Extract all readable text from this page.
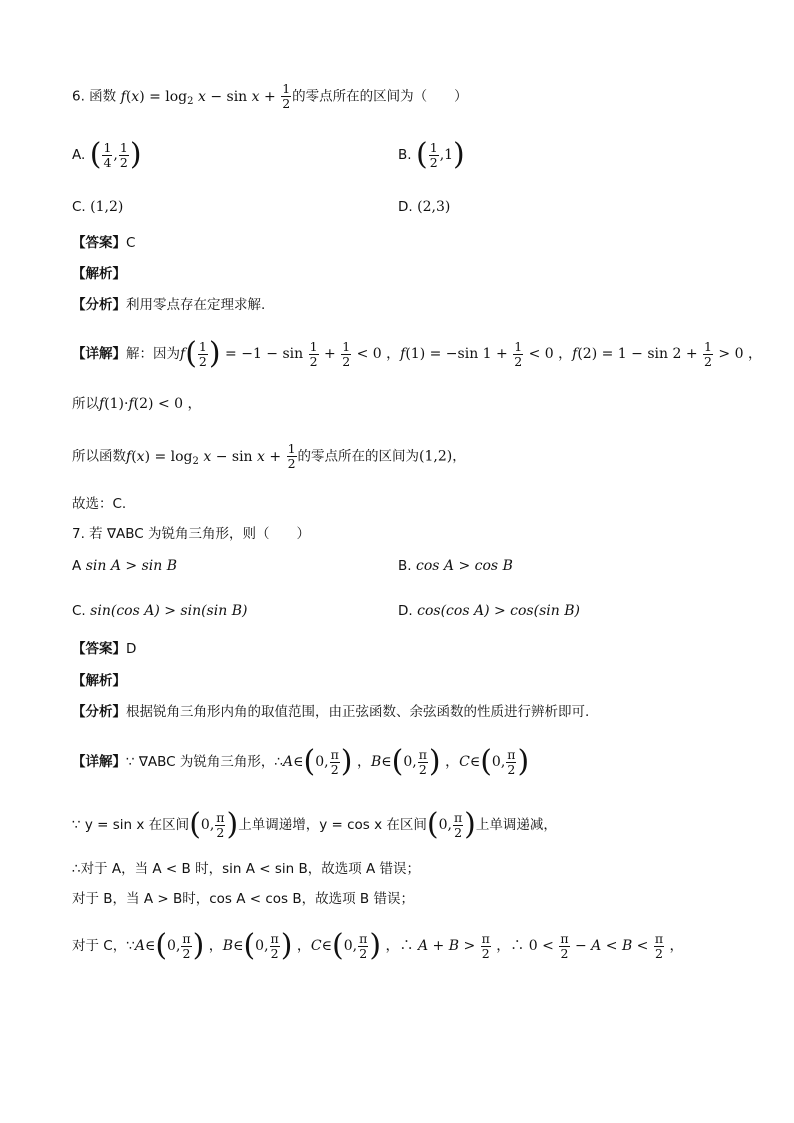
6. 函数 $f(x) = \log_2 x - \sin x + \frac{1}{2}$ 的零点所在的区间为（　　）
A. ( $\frac{1}{4}$ , $\frac{1}{2}$ )	B. ( $\frac{1}{2} ,1$)
C. (1,2)	D. (2,3)
【答案】C
【解析】
【分析】利用零点存在定理求解.
【详解】解：因为$f( \frac{1}{2}$ ) = $-1 - \sin \frac{1}{2} + \frac{1}{2} < 0$ ，f(1) = −sin $1 + \frac{1}{2} < 0$ ，$f(2) = 1 - \sin 2 + \frac{1}{2} > 0$ ，
所以f(1)·f(2) < 0 ，
所以函数$f(x) = \log_2 x - \sin x + \frac{1}{2}$ 的零点所在的区间为(1,2)，
故选：C.
7. 若 ∇ABC 为锐角三角形，则（　　）
A sin A > sin B	B. cos A > cos B
C. sin(cos A) > sin(sin B)	D. cos(cos A) > cos(sin B)
【答案】D
【解析】
【分析】根据锐角三角形内角的取值范围，由正弦函数、余弦函数的性质进行辨析即可.
【详解】∵ ∇ABC 为锐角三角形，∴A∈(0, $\frac{\pi}{2}$ ) ，B∈(0, $\frac{\pi}{2}$ ) ，C∈(0, $\frac{\pi}{2}$ )
∵ y = sin x 在区间(0, $\frac{\pi}{2}$ )上单调递增，y = cos x 在区间(0, $\frac{\pi}{2}$ )上单调递减，
∴对于 A，当 A < B 时，sin A < sin B，故选项 A 错误；
对于 B，当 A > B时，cos A < cos B，故选项 B 错误；
对于 C，∵A∈(0, $\frac{\pi}{2}$ ) ，B∈(0, $\frac{\pi}{2}$ ) ，C∈(0, $\frac{\pi}{2}$ ) ，∴ $A + B > \frac{\pi}{2}$ ，∴ $0 < \frac{\pi}{2} - A < B < \frac{\pi}{2}$ ，
